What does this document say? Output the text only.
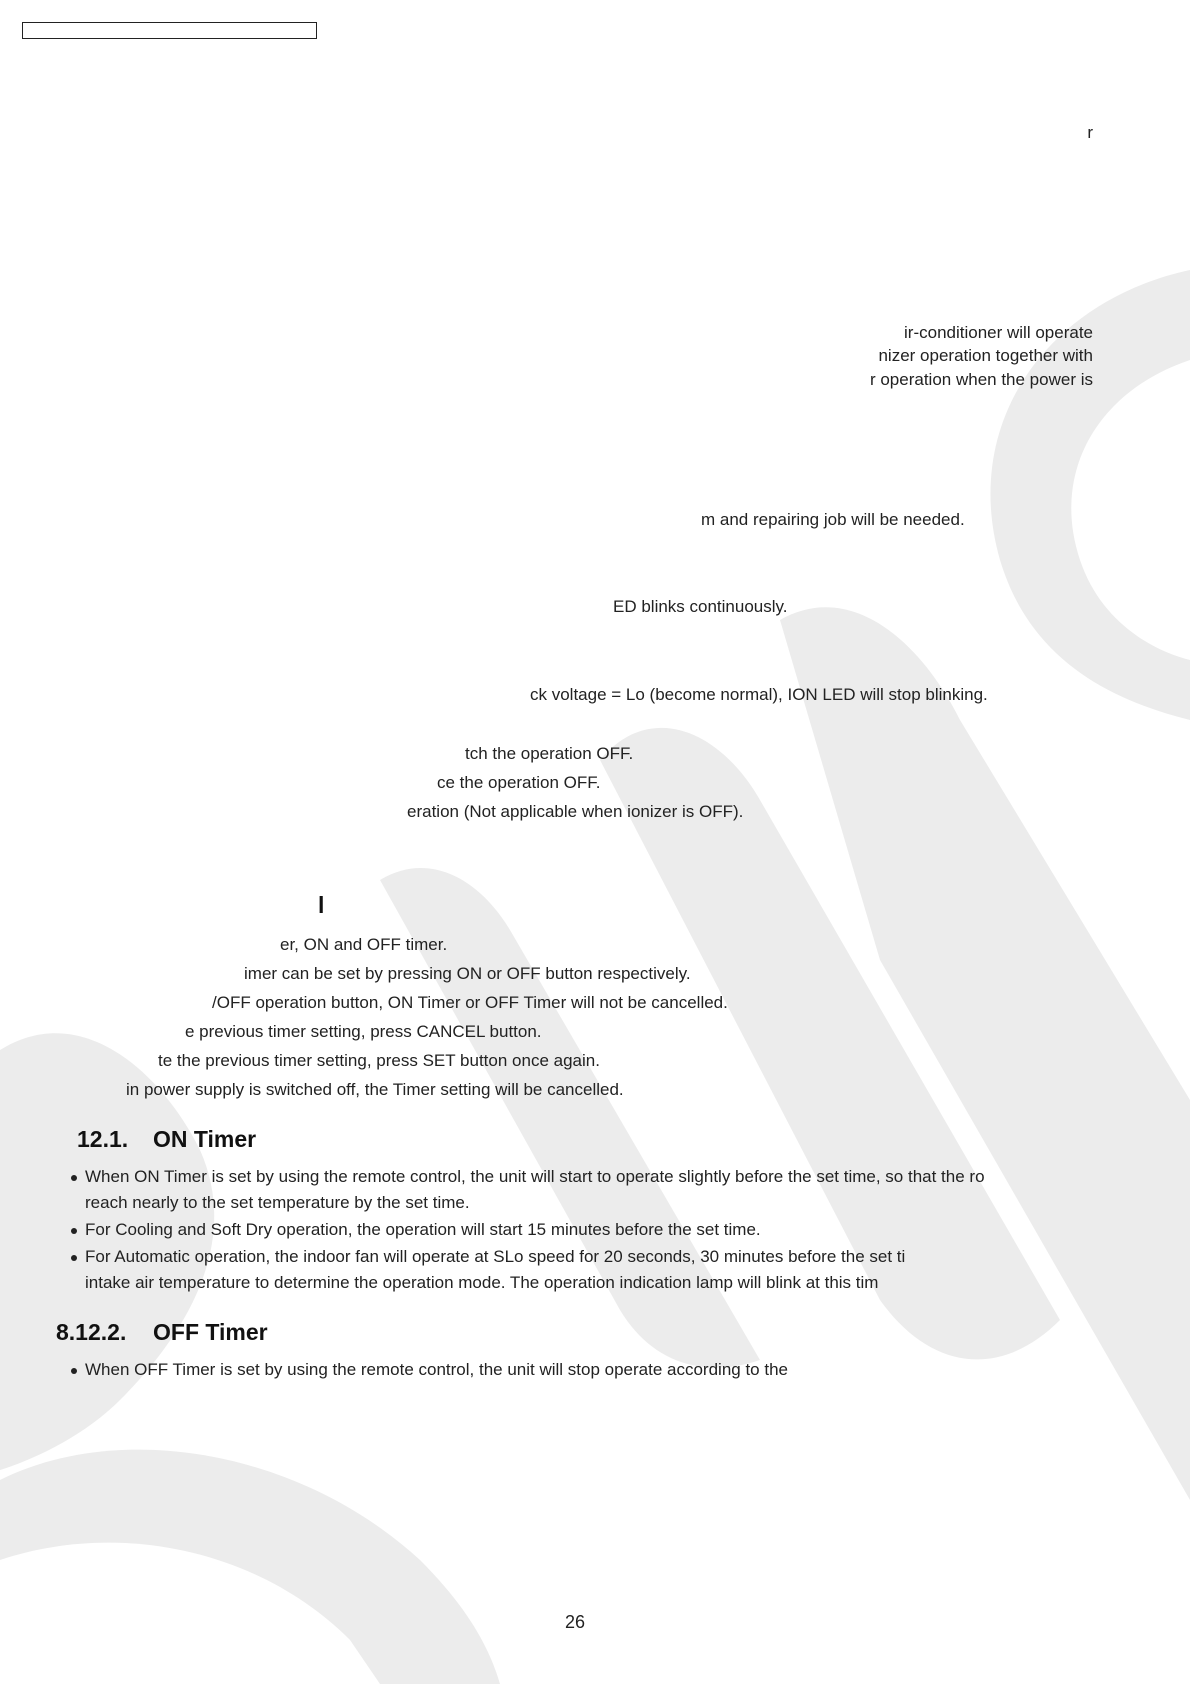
r
ir-conditioner will operate
nizer operation together with
r operation when the power is
m and repairing job will be needed.
ED blinks continuously.
ck voltage = Lo (become normal), ION LED will stop blinking.
tch the operation OFF.
ce the operation OFF.
eration (Not applicable when ionizer is OFF).
l
er, ON and OFF timer.
imer can be set by pressing ON or OFF button respectively.
/OFF operation button, ON Timer or OFF Timer will not be cancelled.
e previous timer setting, press CANCEL button.
te the previous timer setting, press SET button once again.
in power supply is switched off, the Timer setting will be cancelled.
12.1. ON Timer
When ON Timer is set by using the remote control, the unit will start to operate slightly before the set time, so that the ro
reach nearly to the set temperature by the set time.
For Cooling and Soft Dry operation, the operation will start 15 minutes before the set time.
For Automatic operation, the indoor fan will operate at SLo speed for 20 seconds, 30 minutes before the set ti
intake air temperature to determine the operation mode. The operation indication lamp will blink at this tim
8.12.2. OFF Timer
When OFF Timer is set by using the remote control, the unit will stop operate according to the
26
